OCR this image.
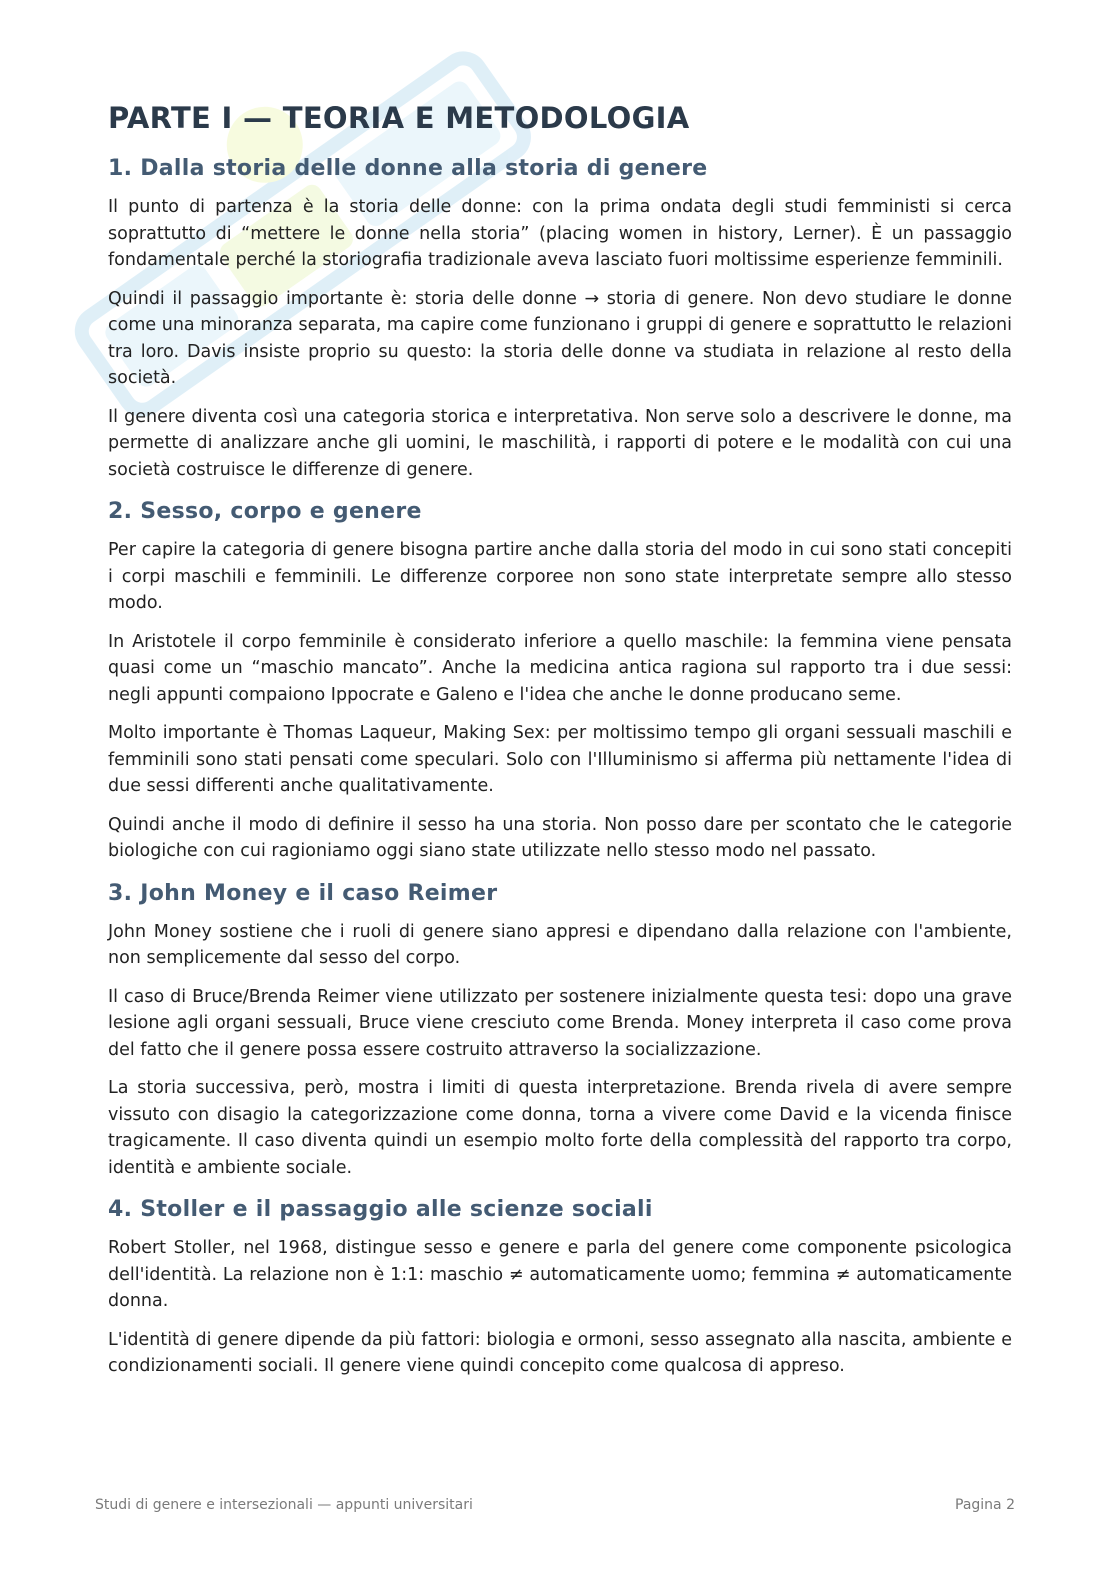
PARTE I — TEORIA E METODOLOGIA
1. Dalla storia delle donne alla storia di genere

Il punto di partenza è la storia delle donne: con la prima ondata degli studi femministi si cerca soprattutto di “mettere le donne nella storia” (placing women in history, Lerner). È un passaggio fondamentale perché la storiografia tradizionale aveva lasciato fuori moltissime esperienze femminili.

Quindi il passaggio importante è: storia delle donne → storia di genere. Non devo studiare le donne come una minoranza separata, ma capire come funzionano i gruppi di genere e soprattutto le relazioni tra loro. Davis insiste proprio su questo: la storia delle donne va studiata in relazione al resto della società.

Il genere diventa così una categoria storica e interpretativa. Non serve solo a descrivere le donne, ma permette di analizzare anche gli uomini, le maschilità, i rapporti di potere e le modalità con cui una società costruisce le differenze di genere.

2. Sesso, corpo e genere

Per capire la categoria di genere bisogna partire anche dalla storia del modo in cui sono stati concepiti i corpi maschili e femminili. Le differenze corporee non sono state interpretate sempre allo stesso modo.

In Aristotele il corpo femminile è considerato inferiore a quello maschile: la femmina viene pensata quasi come un “maschio mancato”. Anche la medicina antica ragiona sul rapporto tra i due sessi: negli appunti compaiono Ippocrate e Galeno e l'idea che anche le donne producano seme.

Molto importante è Thomas Laqueur, Making Sex: per moltissimo tempo gli organi sessuali maschili e femminili sono stati pensati come speculari. Solo con l'Illuminismo si afferma più nettamente l'idea di due sessi differenti anche qualitativamente.

Quindi anche il modo di definire il sesso ha una storia. Non posso dare per scontato che le categorie biologiche con cui ragioniamo oggi siano state utilizzate nello stesso modo nel passato.

3. John Money e il caso Reimer

John Money sostiene che i ruoli di genere siano appresi e dipendano dalla relazione con l'ambiente, non semplicemente dal sesso del corpo.

Il caso di Bruce/Brenda Reimer viene utilizzato per sostenere inizialmente questa tesi: dopo una grave lesione agli organi sessuali, Bruce viene cresciuto come Brenda. Money interpreta il caso come prova del fatto che il genere possa essere costruito attraverso la socializzazione.

La storia successiva, però, mostra i limiti di questa interpretazione. Brenda rivela di avere sempre vissuto con disagio la categorizzazione come donna, torna a vivere come David e la vicenda finisce tragicamente. Il caso diventa quindi un esempio molto forte della complessità del rapporto tra corpo, identità e ambiente sociale.

4. Stoller e il passaggio alle scienze sociali

Robert Stoller, nel 1968, distingue sesso e genere e parla del genere come componente psicologica dell'identità. La relazione non è 1:1: maschio ≠ automaticamente uomo; femmina ≠ automaticamente donna.

L'identità di genere dipende da più fattori: biologia e ormoni, sesso assegnato alla nascita, ambiente e condizionamenti sociali. Il genere viene quindi concepito come qualcosa di appreso.

Studi di genere e intersezionali — appunti universitari	Pagina 2
